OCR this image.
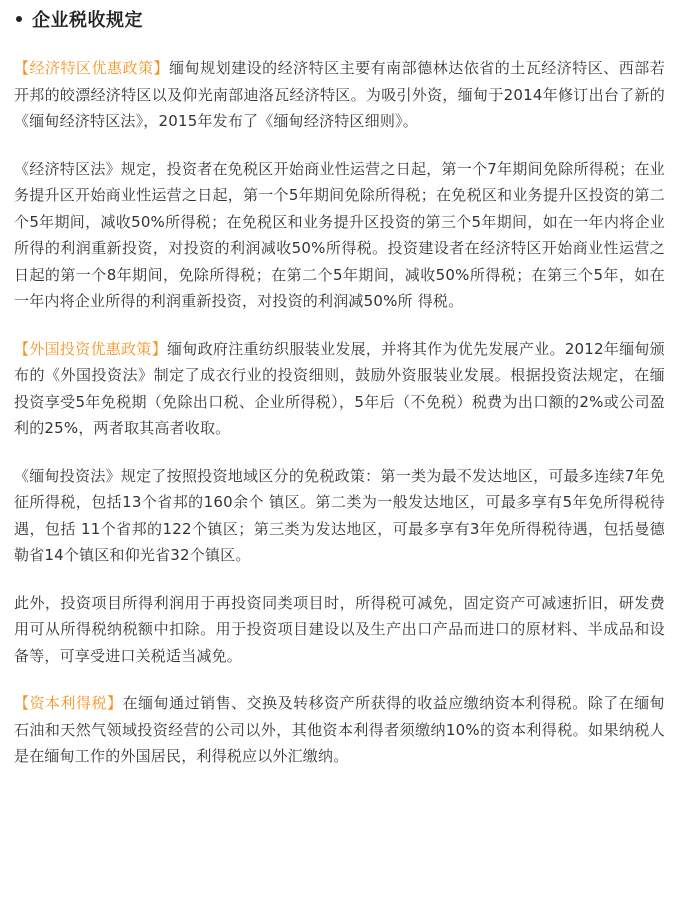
企业税收规定

【经济特区优惠政策】缅甸规划建设的经济特区主要有南部德林达依省的土瓦经济特区、西部若开邦的皎漂经济特区以及仰光南部迪洛瓦经济特区。为吸引外资，缅甸于2014年修订出台了新的《缅甸经济特区法》，2015年发布了《缅甸经济特区细则》。

《经济特区法》规定，投资者在免税区开始商业性运营之日起，第一个7年期间免除所得税；在业务提升区开始商业性运营之日起，第一个5年期间免除所得税；在免税区和业务提升区投资的第二个5年期间，减收50%所得税；在免税区和业务提升区投资的第三个5年期间，如在一年内将企业所得的利润重新投资，对投资的利润减收50%所得税。投资建设者在经济特区开始商业性运营之日起的第一个8年期间，免除所得税；在第二个5年期间，减收50%所得税；在第三个5年，如在一年内将企业所得的利润重新投资，对投资的利润减50%所 得税。

【外国投资优惠政策】缅甸政府注重纺织服装业发展，并将其作为优先发展产业。2012年缅甸颁布的《外国投资法》制定了成衣行业的投资细则，鼓励外资服装业发展。根据投资法规定，在缅投资享受5年免税期（免除出口税、企业所得税），5年后（不免税）税费为出口额的2%或公司盈利的25%，两者取其高者收取。

《缅甸投资法》规定了按照投资地域区分的免税政策：第一类为最不发达地区，可最多连续7年免征所得税，包括13个省邦的160余个 镇区。第二类为一般发达地区，可最多享有5年免所得税待遇，包括 11个省邦的122个镇区；第三类为发达地区，可最多享有3年免所得税待遇，包括曼德勒省14个镇区和仰光省32个镇区。

此外，投资项目所得利润用于再投资同类项目时，所得税可减免，固定资产可减速折旧，研发费用可从所得税纳税额中扣除。用于投资项目建设以及生产出口产品而进口的原材料、半成品和设备等，可享受进口关税适当减免。

【资本利得税】在缅甸通过销售、交换及转移资产所获得的收益应缴纳资本利得税。除了在缅甸石油和天然气领域投资经营的公司以外，其他资本利得者须缴纳10%的资本利得税。如果纳税人是在缅甸工作的外国居民，利得税应以外汇缴纳。
